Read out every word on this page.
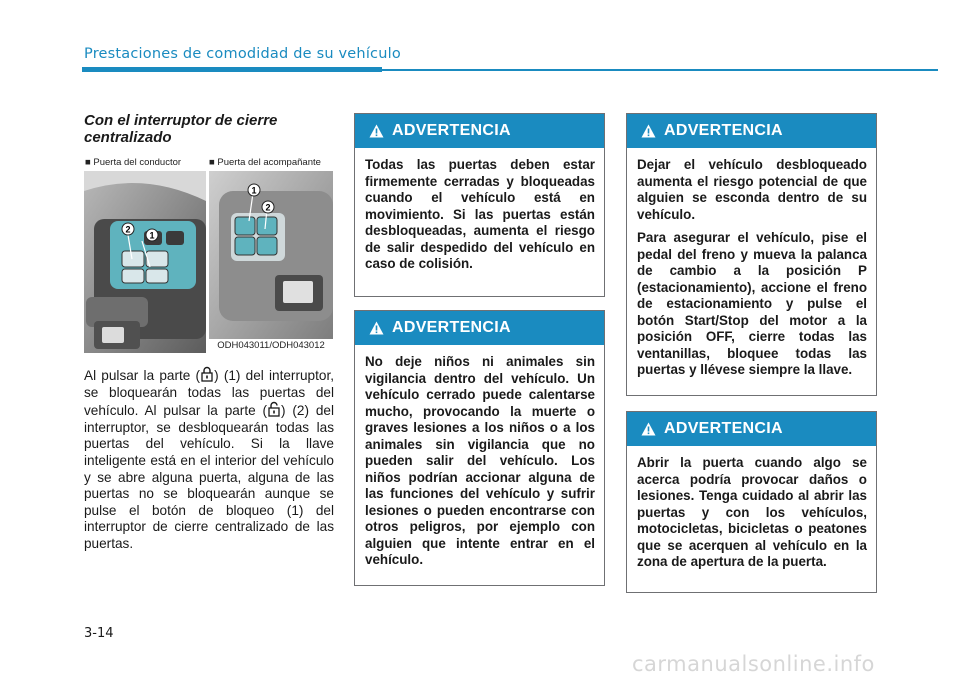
Prestaciones de comodidad de su vehículo
Con el interruptor de cierre centralizado
■ Puerta del conductor	■ Puerta del acompañante
1
2
1
2
ODH043011/ODH043012
Al pulsar la parte ( ) (1) del interruptor, se bloquearán todas las puertas del vehículo. Al pulsar la parte ( ) (2) del interruptor, se desbloquearán todas las puertas del vehículo. Si la llave inteligente está en el interior del vehículo y se abre alguna puerta, alguna de las puertas no se bloquearán aunque se pulse el botón de bloqueo (1) del interruptor de cierre centralizado de las puertas.
ADVERTENCIA

Todas las puertas deben estar firmemente cerradas y bloqueadas cuando el vehículo está en movimiento. Si las puertas están desbloqueadas, aumenta el riesgo de salir despedido del vehículo en caso de colisión.

ADVERTENCIA

No deje niños ni animales sin vigilancia dentro del vehículo. Un vehículo cerrado puede calentarse mucho, provocando la muerte o graves lesiones a los niños o a los animales sin vigilancia que no pueden salir del vehículo. Los niños podrían accionar alguna de las funciones del vehículo y sufrir lesiones o pueden encontrarse con otros peligros, por ejemplo con alguien que intente entrar en el vehículo.

ADVERTENCIA

Dejar el vehículo desbloqueado aumenta el riesgo potencial de que alguien se esconda dentro de su vehículo.

Para asegurar el vehículo, pise el pedal del freno y mueva la palanca de cambio a la posición P (estacionamiento), accione el freno de estacionamiento y pulse el botón Start/Stop del motor a la posición OFF, cierre todas las ventanillas, bloquee todas las puertas y llévese siempre la llave.

ADVERTENCIA

Abrir la puerta cuando algo se acerca podría provocar daños o lesiones. Tenga cuidado al abrir las puertas y con los vehículos, motocicletas, bicicletas o peatones que se acerquen al vehículo en la zona de apertura de la puerta.

3-14
carmanualsonline.info
